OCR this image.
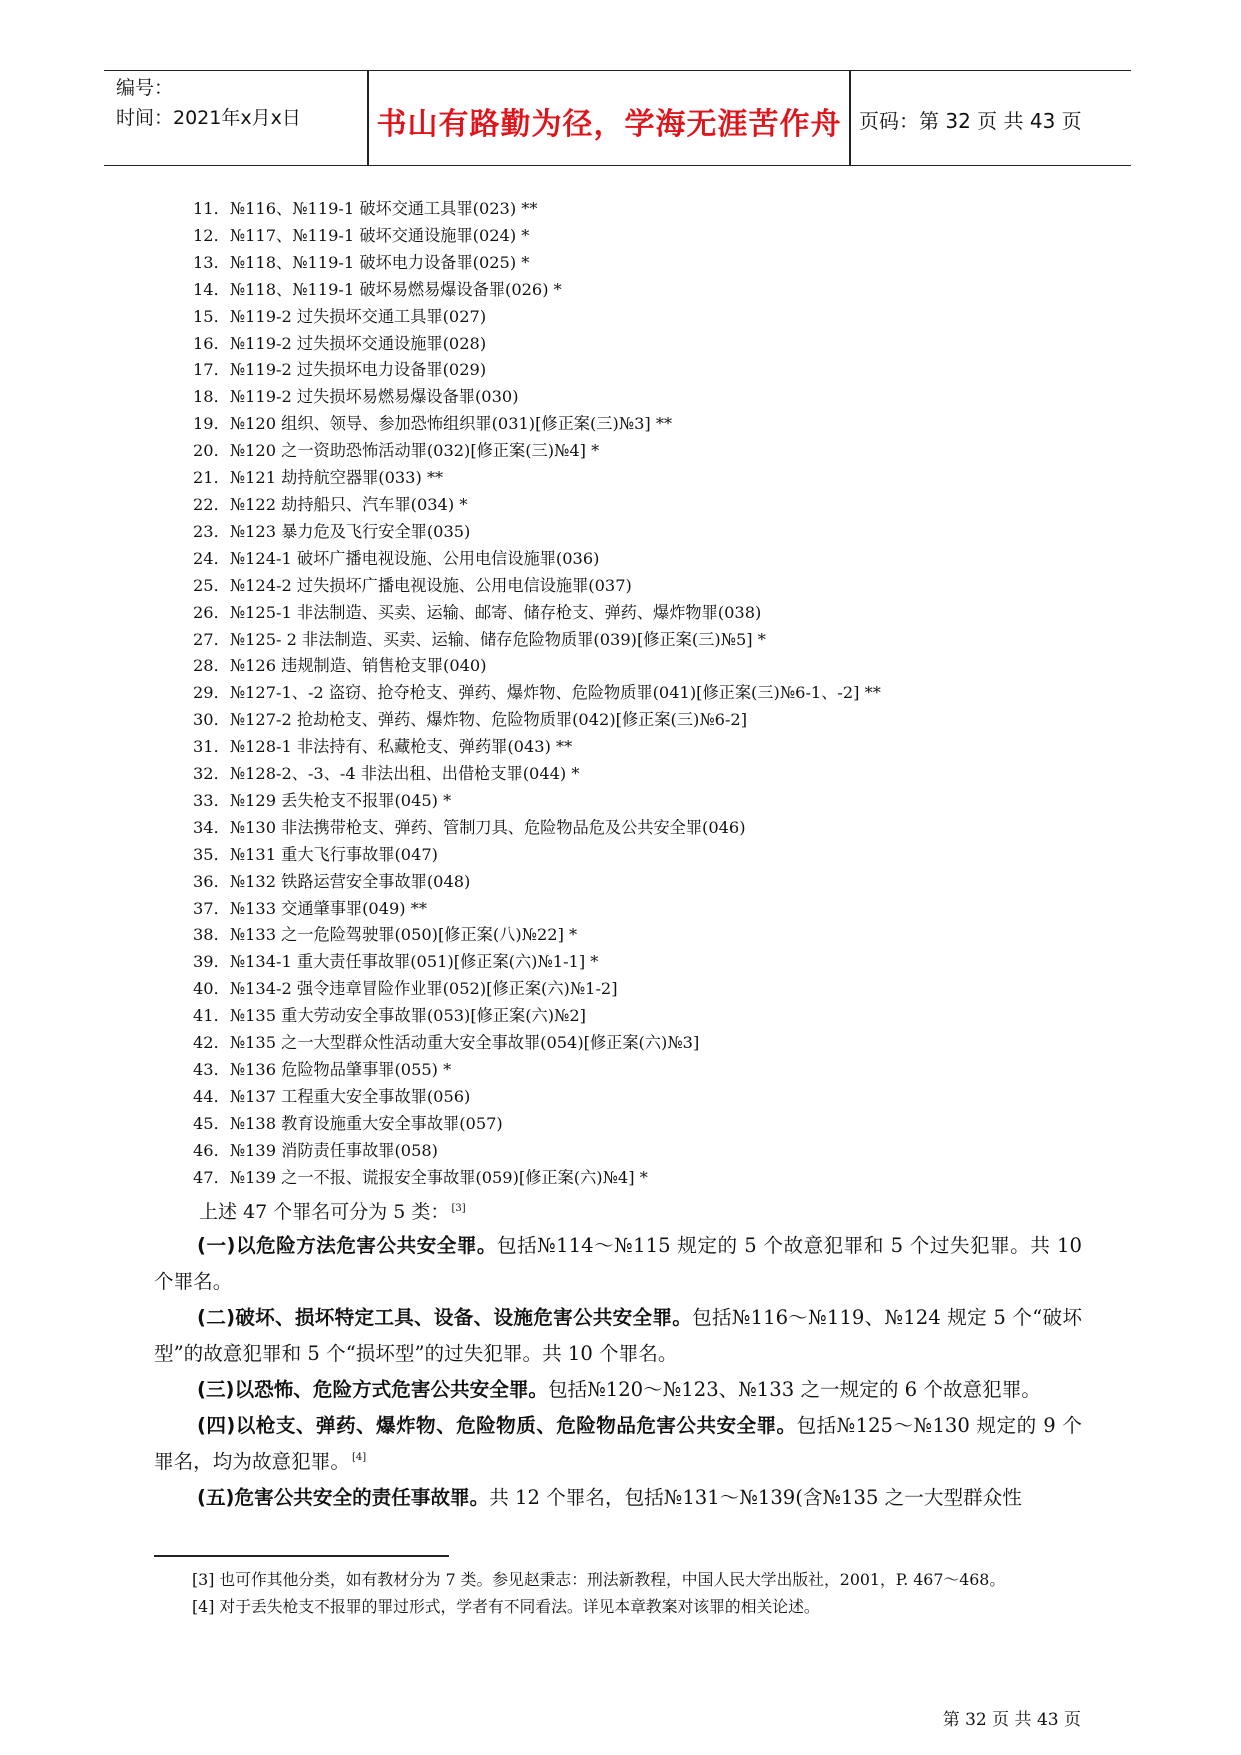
编号：
时间：2021年x月x日	书山有路勤为径，学海无涯苦作舟 页码：第 32 页 共 43 页
11．№116、№119-1 破坏交通工具罪(023) **
12．№117、№119-1 破坏交通设施罪(024) *
13．№118、№119-1 破坏电力设备罪(025) *
14．№118、№119-1 破坏易燃易爆设备罪(026) *
15．№119-2 过失损坏交通工具罪(027)
16．№119-2 过失损坏交通设施罪(028)
17．№119-2 过失损坏电力设备罪(029)
18．№119-2 过失损坏易燃易爆设备罪(030)
19．№120 组织、领导、参加恐怖组织罪(031)[修正案(三)№3] **
20．№120 之一资助恐怖活动罪(032)[修正案(三)№4] *
21．№121 劫持航空器罪(033) **
22．№122 劫持船只、汽车罪(034) *
23．№123 暴力危及飞行安全罪(035)
24．№124-1 破坏广播电视设施、公用电信设施罪(036)
25．№124-2 过失损坏广播电视设施、公用电信设施罪(037)
26．№125-1 非法制造、买卖、运输、邮寄、储存枪支、弹药、爆炸物罪(038)
27．№125- 2 非法制造、买卖、运输、储存危险物质罪(039)[修正案(三)№5] *
28．№126 违规制造、销售枪支罪(040)
29．№127-1、-2 盗窃、抢夺枪支、弹药、爆炸物、危险物质罪(041)[修正案(三)№6-1、-2] **
30．№127-2 抢劫枪支、弹药、爆炸物、危险物质罪(042)[修正案(三)№6-2]
31．№128-1 非法持有、私藏枪支、弹药罪(043) **
32．№128-2、-3、-4 非法出租、出借枪支罪(044) *
33．№129 丢失枪支不报罪(045) *
34．№130 非法携带枪支、弹药、管制刀具、危险物品危及公共安全罪(046)
35．№131 重大飞行事故罪(047)
36．№132 铁路运营安全事故罪(048)
37．№133 交通肇事罪(049) **
38．№133 之一危险驾驶罪(050)[修正案(八)№22] *
39．№134-1 重大责任事故罪(051)[修正案(六)№1-1] *
40．№134-2 强令违章冒险作业罪(052)[修正案(六)№1-2]
41．№135 重大劳动安全事故罪(053)[修正案(六)№2]
42．№135 之一大型群众性活动重大安全事故罪(054)[修正案(六)№3]
43．№136 危险物品肇事罪(055) *
44．№137 工程重大安全事故罪(056)
45．№138 教育设施重大安全事故罪(057)
46．№139 消防责任事故罪(058)
47．№139 之一不报、谎报安全事故罪(059)[修正案(六)№4] *
上述 47 个罪名可分为 5 类： [3]

(一)以危险方法危害公共安全罪。包括№114～№115 规定的 5 个故意犯罪和 5 个过失犯罪。共 10 个罪名。

(二)破坏、损坏特定工具、设备、设施危害公共安全罪。包括№116～№119、№124 规定 5 个“破坏型”的故意犯罪和 5 个“损坏型”的过失犯罪。共 10 个罪名。

(三)以恐怖、危险方式危害公共安全罪。包括№120～№123、№133 之一规定的 6 个故意犯罪。

(四)以枪支、弹药、爆炸物、危险物质、危险物品危害公共安全罪。包括№125～№130 规定的 9 个罪名，均为故意犯罪。 [4]

(五)危害公共安全的责任事故罪。共 12 个罪名，包括№131～№139(含№135 之一大型群众性

[3] 也可作其他分类，如有教材分为 7 类。参见赵秉志：刑法新教程，中国人民大学出版社，2001，P. 467～468。

[4] 对于丢失枪支不报罪的罪过形式，学者有不同看法。详见本章教案对该罪的相关论述。

第 32 页 共 43 页
